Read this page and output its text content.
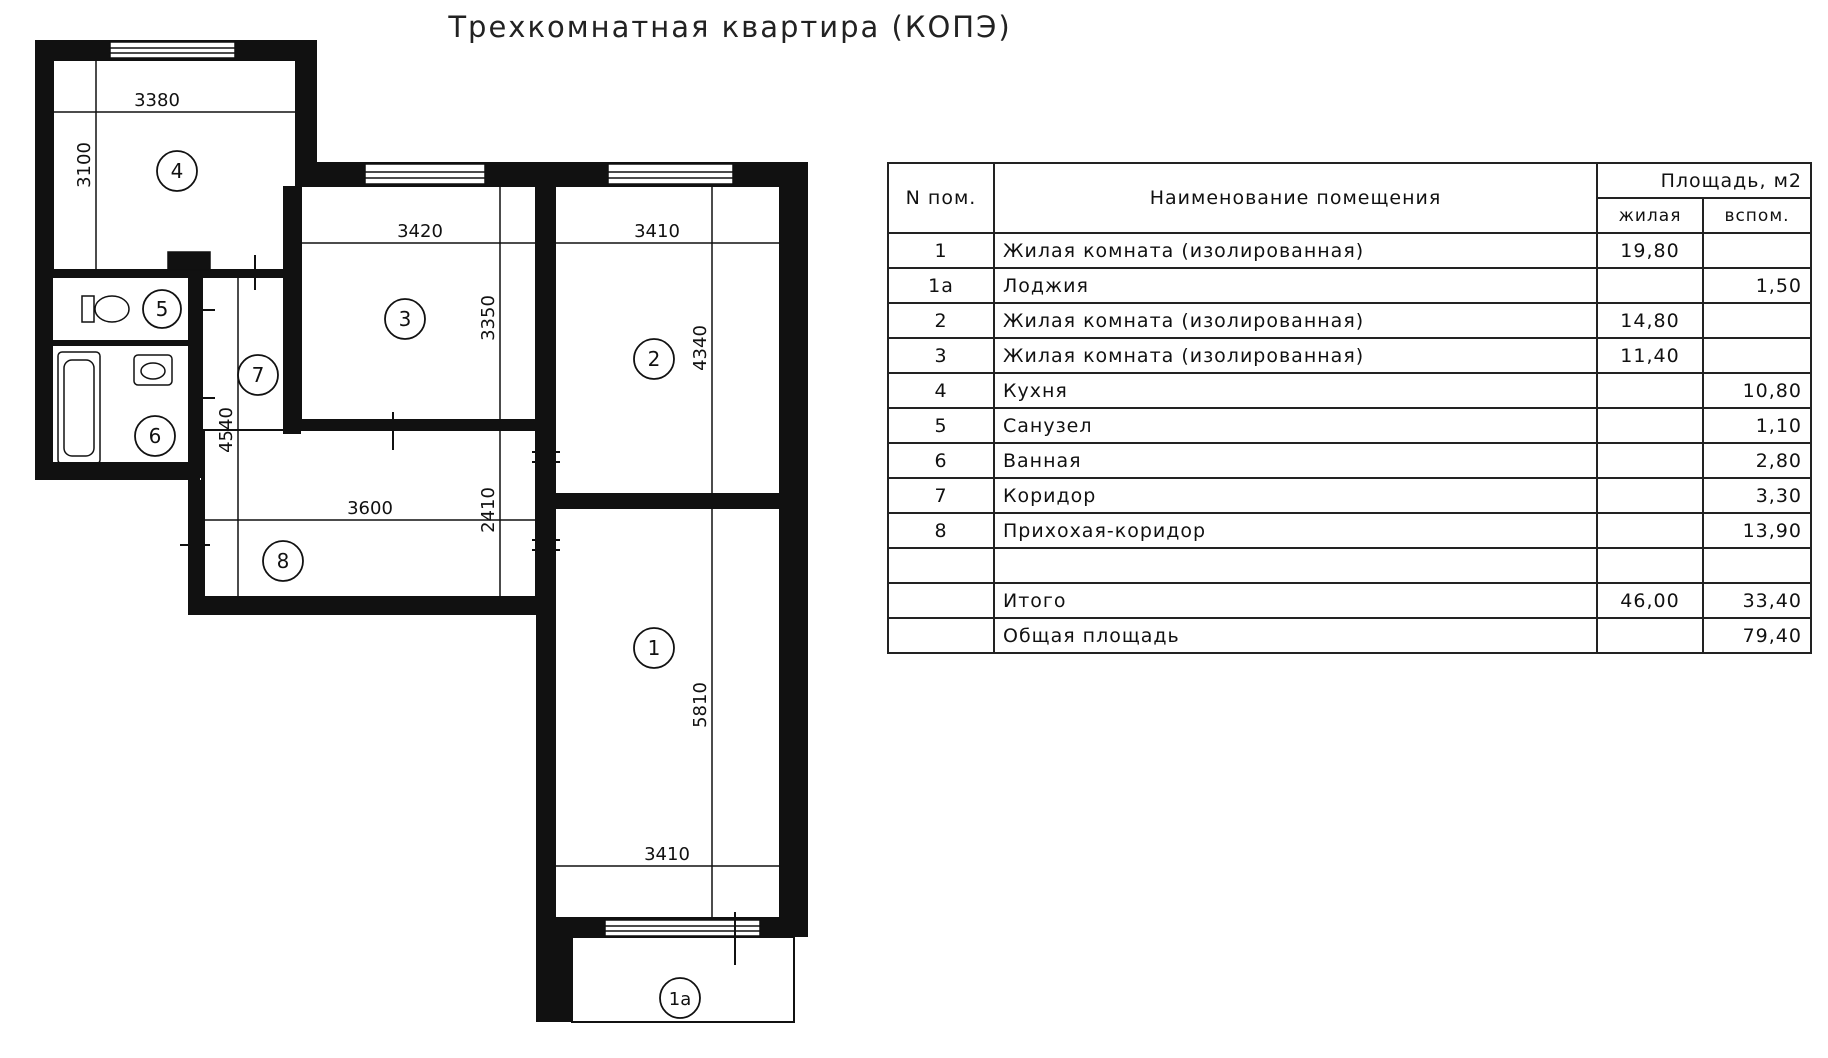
Трехкомнатная квартира (КОПЭ)
3380
3100
3420
3350
3410
4340
4540
3600	2410
5810
3410
4
3
2
5
7
6
8
1
1a
N пом.	Наименование помещения	Площадь, м2	
		жилая	вспом.
1	Жилая комната (изолированная)	19,80	
1a	Лоджия		1,50
2	Жилая комната (изолированная)	14,80	
3	Жилая комната (изолированная)	11,40	
4	Кухня		10,80
5	Санузел		1,10
6	Ванная		2,80
7	Коридор		3,30
8	Прихохая-коридор		13,90

	Итого	46,00	33,40
	Общая площадь		79,40
